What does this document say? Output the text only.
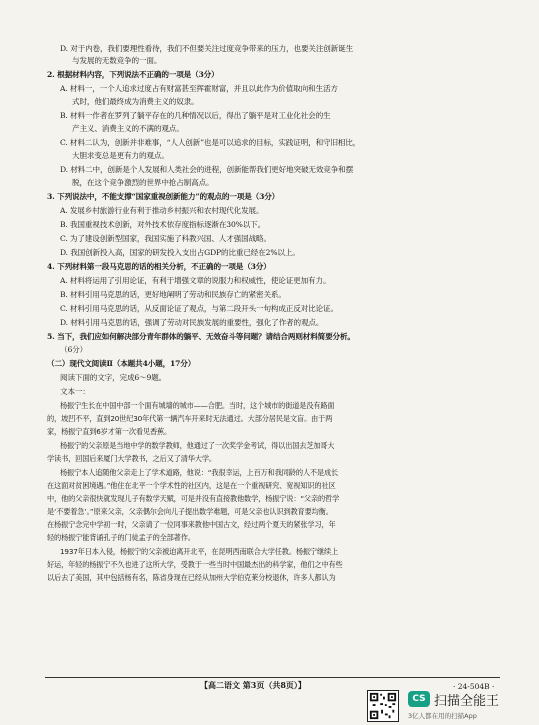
D. 对于内卷，我们要理性看待，我们不但要关注过度竞争带来的压力，也要关注创新诞生
与发展的无数竞争的一面。
2. 根据材料内容，下列说法不正确的一项是（3分）
A. 材料一，一个人追求过度占有财富甚至挥霍财富，并且以此作为价值取向和生活方
式时，他们最终成为消费主义的奴隶。
B. 材料一作者在罗列了躺平存在的几种情况以后，得出了躺平是对工业化社会的生
产主义、消费主义的不满的观点。
C. 材料二认为，创新并非难事，“人人创新”也是可以追求的目标，实践证明，和守旧相比，
大胆求变总是更有力的观点。
D. 材料二中，创新是个人发展和人类社会的进程，创新能帮我们更好地突破无效竞争和摆
脱，在这个竞争激烈的世界中抢占制高点。
3. 下列说法中，不能支撑“国家重视创新能力”的观点的一项是（3分）
A. 发展乡村旅游行业有利于推动乡村振兴和农村现代化发展。
B. 我国重视技术创新，对外技术依存度指标逐渐在30%以下。
C. 为了建设创新型国家，我国实施了科教兴国、人才强国战略。
D. 我国创新投入高，国家的研发投入支出占GDP的比重已经在2%以上。
4. 下列材料第一段马克思的话的相关分析，不正确的一项是（3分）
A. 材料将运用了引用论证，有利于增强文章的说服力和权威性，使论证更加有力。
B. 材料引用马克思的话，更好地阐明了劳动和民族存亡的紧密关系。
C. 材料引用马克思的话，从反面论证了观点，与第二段开头一句构成正反对比论证。
D. 材料引用马克思的话，强调了劳动对民族发展的重要性，强化了作者的观点。
5. 当下，我们应如何解决部分青年群体的躺平、无效奋斗等问题？请结合两则材料简要分析。
（6分）
（二）现代文阅读Ⅱ（本题共4小题，17分）
阅读下面的文字，完成6～9题。
文本一：
杨振宁生长在中国中部一个面有城墙的城市——合肥。当时，这个城市的街道是没有路面
的，坡凹不平，直到20世纪30年代第一辆汽车开来时无法通过。大部分居民是文盲。由于两
家，杨振宁直到6岁才第一次看见香蕉。
杨振宁的父亲原是当地中学的数学教师，他通过了一次奖学金考试，得以出国去芝加哥大
学读书，回国后来厦门大学教书，之后又了清华大学。
杨振宁本人追随他父亲走上了学术道路，他说：“我很幸运，上百万和我同龄的人不是成长
在这面对贫困境遇。”他住在北平一个学术性的社区内，这是在一个重视研究、宽视知识的社区
中，他的父亲很快就发现儿子有数学天赋，可是并没有直接教他数学，杨振宁说：“父亲的哲学
是‘不要着急’。”原来父亲，父亲偶尔会向儿子提出数学难题，可是父亲也认识到教育要均衡。
在杨振宁念完中学初一时，父亲请了一位同事来教他中国古文，经过两个夏天的紧张学习，年
轻的杨振宁能背诵孔子的门徒孟子的全部著作。
1937年日本入侵，杨振宁的父亲被迫离开北平，在昆明西南联合大学任教。杨振宁继续上
好运，年轻的杨振宁不久也进了这所大学，受教于一些当时中国最杰出的科学家，他们之中有些
以后去了美国，其中包括杨有名，陈省身现在已经从加州大学伯克莱分校退休，许多人都认为
【高二语文 第3页（共8页）】	· 24-504B ·
CS 扫描全能王
3亿人都在用的扫描App
